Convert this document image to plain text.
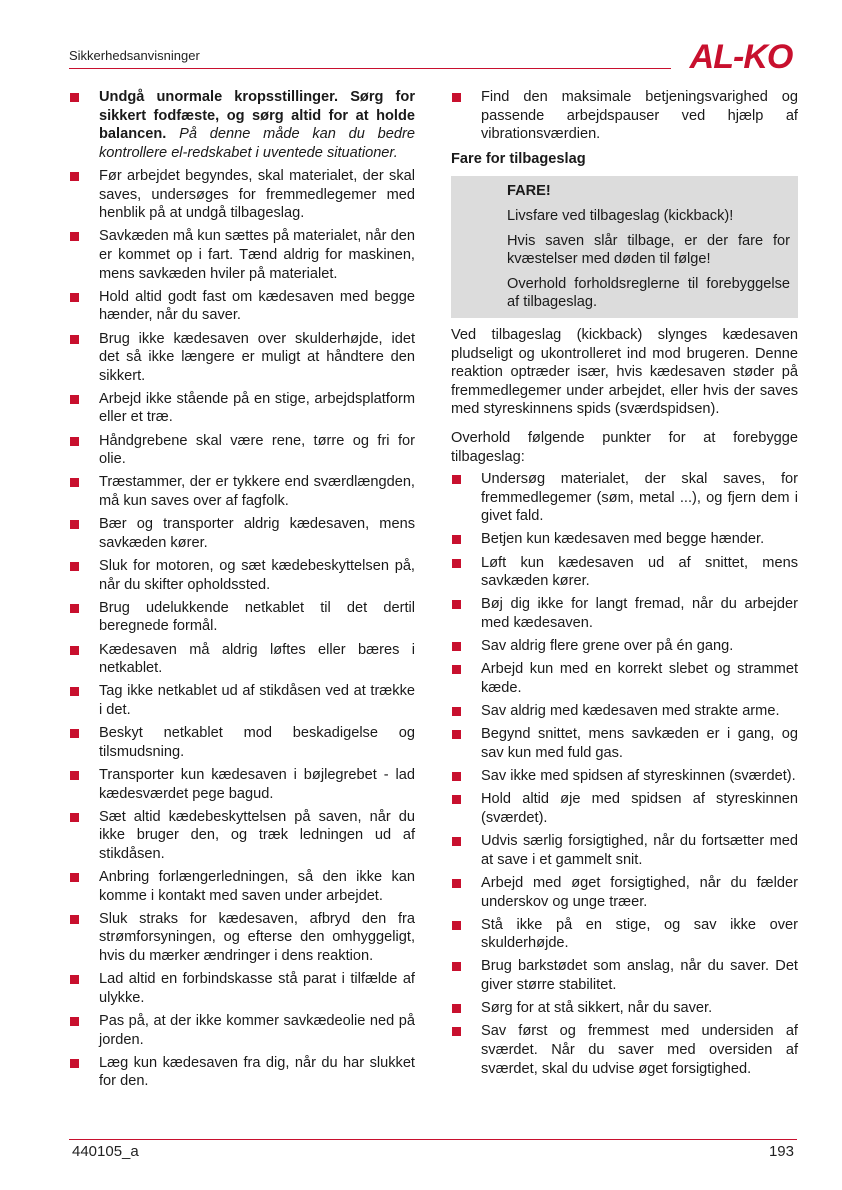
Sikkerhedsanvisninger	AL-KO
Undgå unormale kropsstillinger. Sørg for sikkert fodfæste, og sørg altid for at holde balancen. På denne måde kan du bedre kontrollere el-redskabet i uventede situationer.
Før arbejdet begyndes, skal materialet, der skal saves, undersøges for fremmedlegemer med henblik på at undgå tilbageslag.
Savkæden må kun sættes på materialet, når den er kommet op i fart. Tænd aldrig for maskinen, mens savkæden hviler på materialet.
Hold altid godt fast om kædesaven med begge hænder, når du saver.
Brug ikke kædesaven over skulderhøjde, idet det så ikke længere er muligt at håndtere den sikkert.
Arbejd ikke stående på en stige, arbejdsplatform eller et træ.
Håndgrebene skal være rene, tørre og fri for olie.
Træstammer, der er tykkere end sværdlængden, må kun saves over af fagfolk.
Bær og transporter aldrig kædesaven, mens savkæden kører.
Sluk for motoren, og sæt kædebeskyttelsen på, når du skifter opholdssted.
Brug udelukkende netkablet til det dertil beregnede formål.
Kædesaven må aldrig løftes eller bæres i netkablet.
Tag ikke netkablet ud af stikdåsen ved at trække i det.
Beskyt netkablet mod beskadigelse og tilsmudsning.
Transporter kun kædesaven i bøjlegrebet - lad kædesværdet pege bagud.
Sæt altid kædebeskyttelsen på saven, når du ikke bruger den, og træk ledningen ud af stikdåsen.
Anbring forlængerledningen, så den ikke kan komme i kontakt med saven under arbejdet.
Sluk straks for kædesaven, afbryd den fra strømforsyningen, og efterse den omhyggeligt, hvis du mærker ændringer i dens reaktion.
Lad altid en forbindskasse stå parat i tilfælde af ulykke.
Pas på, at der ikke kommer savkædeolie ned på jorden.
Læg kun kædesaven fra dig, når du har slukket for den.
Find den maksimale betjeningsvarighed og passende arbejdspauser ved hjælp af vibrationsværdien.
Fare for tilbageslag

FARE!

Livsfare ved tilbageslag (kickback)!

Hvis saven slår tilbage, er der fare for kvæstelser med døden til følge!

Overhold forholdsreglerne til forebyggelse af tilbageslag.

Ved tilbageslag (kickback) slynges kædesaven pludseligt og ukontrolleret ind mod brugeren. Denne reaktion optræder især, hvis kædesaven støder på fremmedlegemer under arbejdet, eller hvis der saves med styreskinnens spids (sværdspidsen).

Overhold følgende punkter for at forebygge tilbageslag:

Undersøg materialet, der skal saves, for fremmedlegemer (søm, metal ...), og fjern dem i givet fald.
Betjen kun kædesaven med begge hænder.
Løft kun kædesaven ud af snittet, mens savkæden kører.
Bøj dig ikke for langt fremad, når du arbejder med kædesaven.
Sav aldrig flere grene over på én gang.
Arbejd kun med en korrekt slebet og strammet kæde.
Sav aldrig med kædesaven med strakte arme.
Begynd snittet, mens savkæden er i gang, og sav kun med fuld gas.
Sav ikke med spidsen af styreskinnen (sværdet).
Hold altid øje med spidsen af styreskinnen (sværdet).
Udvis særlig forsigtighed, når du fortsætter med at save i et gammelt snit.
Arbejd med øget forsigtighed, når du fælder underskov og unge træer.
Stå ikke på en stige, og sav ikke over skulderhøjde.
Brug barkstødet som anslag, når du saver. Det giver større stabilitet.
Sørg for at stå sikkert, når du saver.
Sav først og fremmest med undersiden af sværdet. Når du saver med oversiden af sværdet, skal du udvise øget forsigtighed.
440105_a	193
